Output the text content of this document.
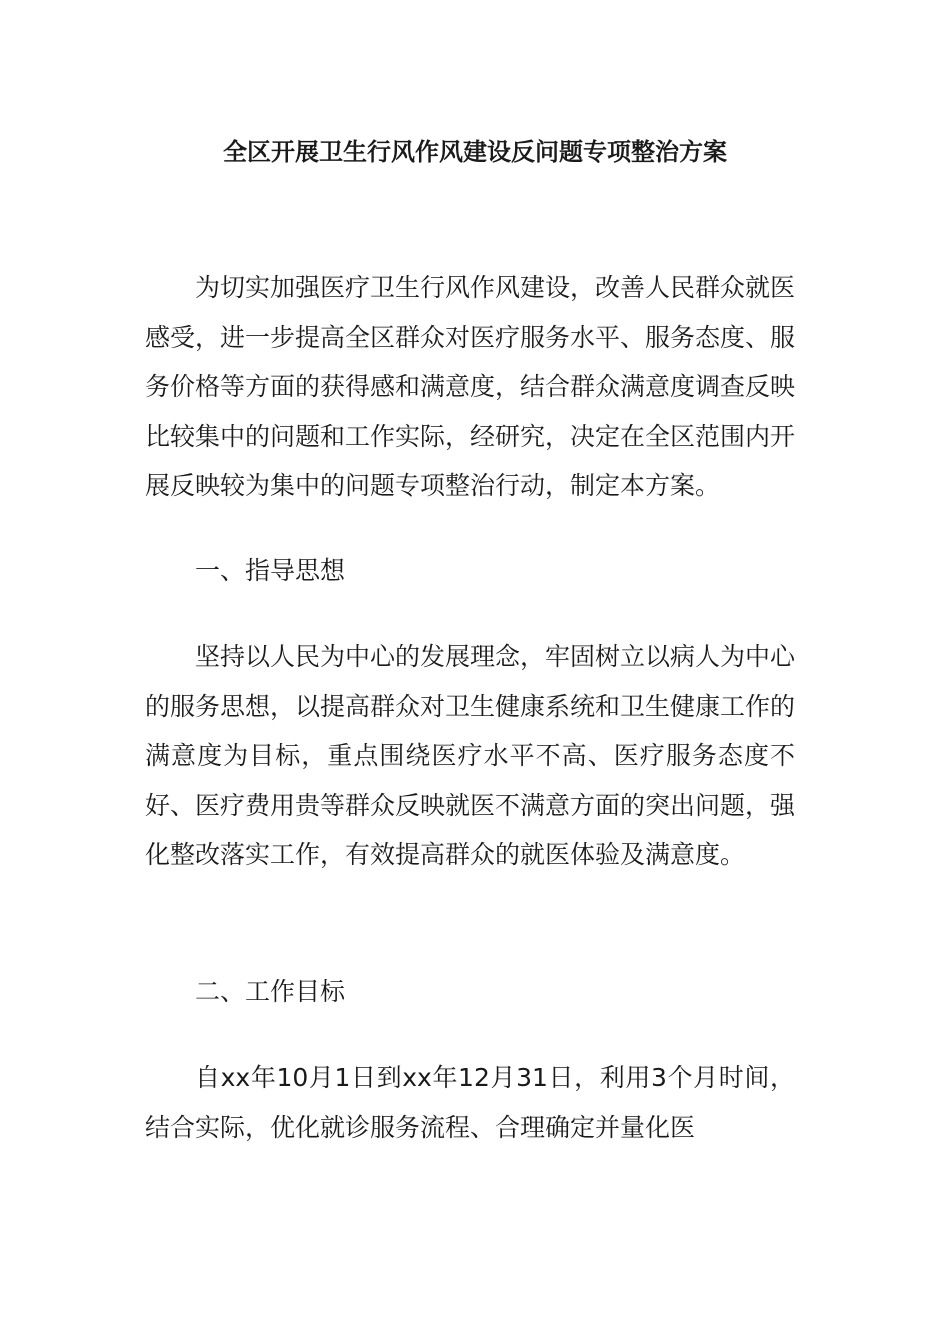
全区开展卫生行风作风建设反问题专项整治方案

为切实加强医疗卫生行风作风建设，改善人民群众就医感受，进一步提高全区群众对医疗服务水平、服务态度、服务价格等方面的获得感和满意度，结合群众满意度调查反映比较集中的问题和工作实际，经研究，决定在全区范围内开展反映较为集中的问题专项整治行动，制定本方案。

一、指导思想

坚持以人民为中心的发展理念，牢固树立以病人为中心的服务思想，以提高群众对卫生健康系统和卫生健康工作的满意度为目标，重点围绕医疗水平不高、医疗服务态度不好、医疗费用贵等群众反映就医不满意方面的突出问题，强化整改落实工作，有效提高群众的就医体验及满意度。

二、工作目标

自xx年10月1日到xx年12月31日，利用3个月时间，结合实际，优化就诊服务流程、合理确定并量化医
